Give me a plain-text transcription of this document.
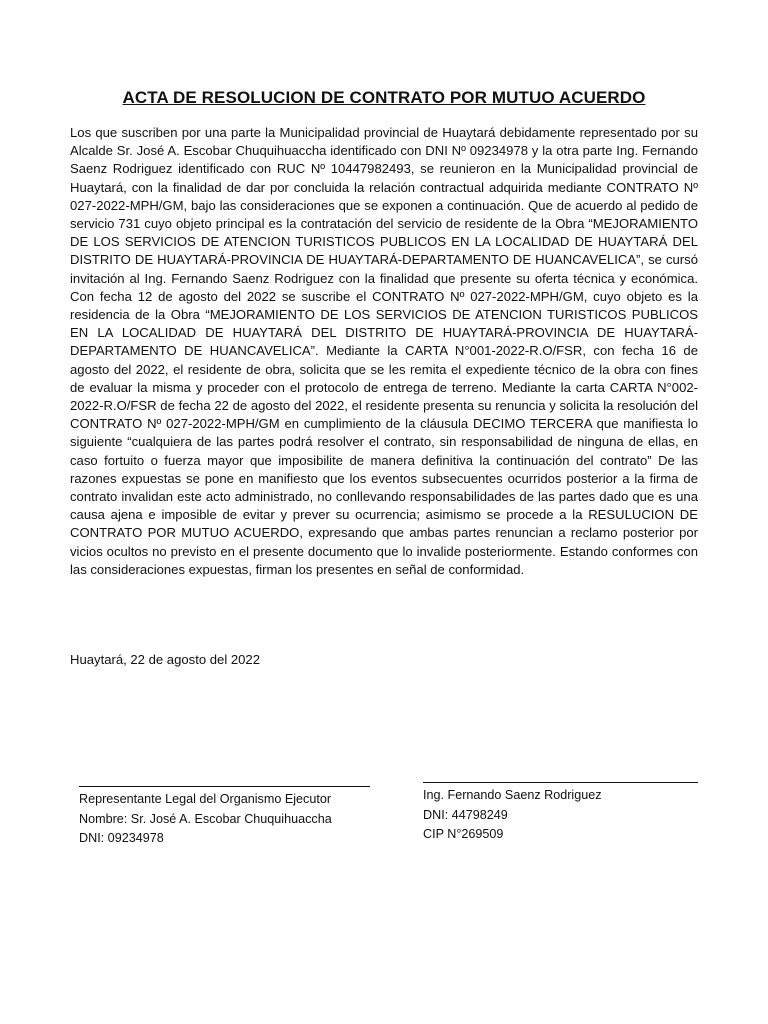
ACTA DE RESOLUCION DE CONTRATO POR MUTUO ACUERDO

Los que suscriben por una parte la Municipalidad provincial de Huaytará debidamente representado por su Alcalde Sr. José A. Escobar Chuquihuaccha identificado con DNI Nº 09234978 y la otra parte Ing. Fernando Saenz Rodriguez identificado con RUC Nº 10447982493, se reunieron en la Municipalidad provincial de Huaytará, con la finalidad de dar por concluida la relación contractual adquirida mediante CONTRATO Nº 027-2022-MPH/GM, bajo las consideraciones que se exponen a continuación. Que de acuerdo al pedido de servicio 731 cuyo objeto principal es la contratación del servicio de residente de la Obra “MEJORAMIENTO DE LOS SERVICIOS DE ATENCION TURISTICOS PUBLICOS EN LA LOCALIDAD DE HUAYTARÁ DEL DISTRITO DE HUAYTARÁ-PROVINCIA DE HUAYTARÁ-DEPARTAMENTO DE HUANCAVELICA”, se cursó invitación al Ing. Fernando Saenz Rodriguez con la finalidad que presente su oferta técnica y económica. Con fecha 12 de agosto del 2022 se suscribe el CONTRATO Nº 027-2022-MPH/GM, cuyo objeto es la residencia de la Obra “MEJORAMIENTO DE LOS SERVICIOS DE ATENCION TURISTICOS PUBLICOS EN LA LOCALIDAD DE HUAYTARÁ DEL DISTRITO DE HUAYTARÁ-PROVINCIA DE HUAYTARÁ-DEPARTAMENTO DE HUANCAVELICA”. Mediante la CARTA N°001-2022-R.O/FSR, con fecha 16 de agosto del 2022, el residente de obra, solicita que se les remita el expediente técnico de la obra con fines de evaluar la misma y proceder con el protocolo de entrega de terreno. Mediante la carta CARTA N°002-2022-R.O/FSR de fecha 22 de agosto del 2022, el residente presenta su renuncia y solicita la resolución del CONTRATO Nº 027-2022-MPH/GM en cumplimiento de la cláusula DECIMO TERCERA que manifiesta lo siguiente “cualquiera de las partes podrá resolver el contrato, sin responsabilidad de ninguna de ellas, en caso fortuito o fuerza mayor que imposibilite de manera definitiva la continuación del contrato” De las razones expuestas se pone en manifiesto que los eventos subsecuentes ocurridos posterior a la firma de contrato invalidan este acto administrado, no conllevando responsabilidades de las partes dado que es una causa ajena e imposible de evitar y prever su ocurrencia; asimismo se procede a la RESULUCION DE CONTRATO POR MUTUO ACUERDO, expresando que ambas partes renuncian a reclamo posterior por vicios ocultos no previsto en el presente documento que lo invalide posteriormente. Estando conformes con las consideraciones expuestas, firman los presentes en señal de conformidad.

Huaytará, 22 de agosto del 2022

Representante Legal del Organismo Ejecutor
Nombre: Sr. José A. Escobar Chuquihuaccha
DNI: 09234978
Ing. Fernando Saenz Rodriguez
DNI: 44798249
CIP N°269509
